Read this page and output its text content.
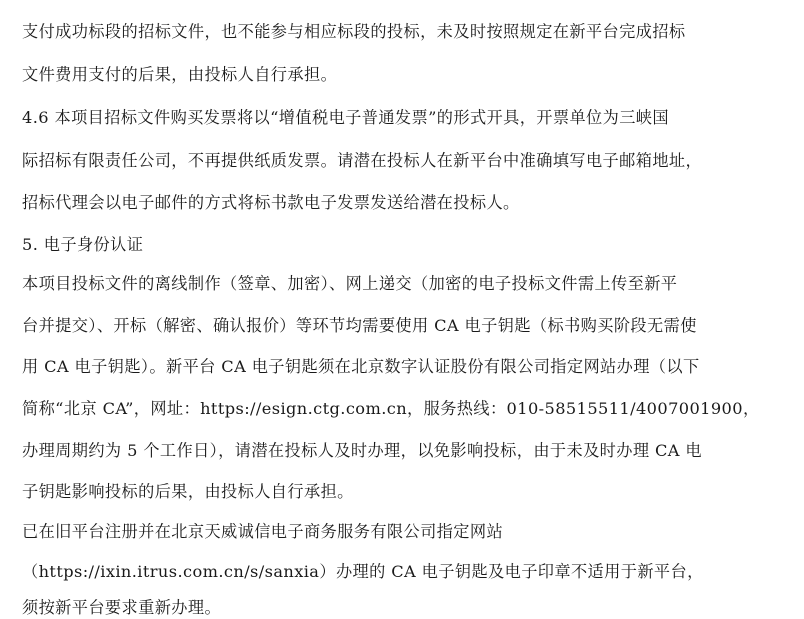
支付成功标段的招标文件，也不能参与相应标段的投标，未及时按照规定在新平台完成招标
文件费用支付的后果，由投标人自行承担。
4.6 本项目招标文件购买发票将以“增值税电子普通发票”的形式开具，开票单位为三峡国
际招标有限责任公司，不再提供纸质发票。请潜在投标人在新平台中准确填写电子邮箱地址，
招标代理会以电子邮件的方式将标书款电子发票发送给潜在投标人。
5. 电子身份认证
本项目投标文件的离线制作（签章、加密）、网上递交（加密的电子投标文件需上传至新平
台并提交）、开标（解密、确认报价）等环节均需要使用 CA 电子钥匙（标书购买阶段无需使
用 CA 电子钥匙）。新平台 CA 电子钥匙须在北京数字认证股份有限公司指定网站办理（以下
简称“北京 CA”，网址：https://esign.ctg.com.cn，服务热线：010-58515511/4007001900，
办理周期约为 5 个工作日），请潜在投标人及时办理，以免影响投标，由于未及时办理 CA 电
子钥匙影响投标的后果，由投标人自行承担。
已在旧平台注册并在北京天威诚信电子商务服务有限公司指定网站
（https://ixin.itrus.com.cn/s/sanxia）办理的 CA 电子钥匙及电子印章不适用于新平台，
须按新平台要求重新办理。
